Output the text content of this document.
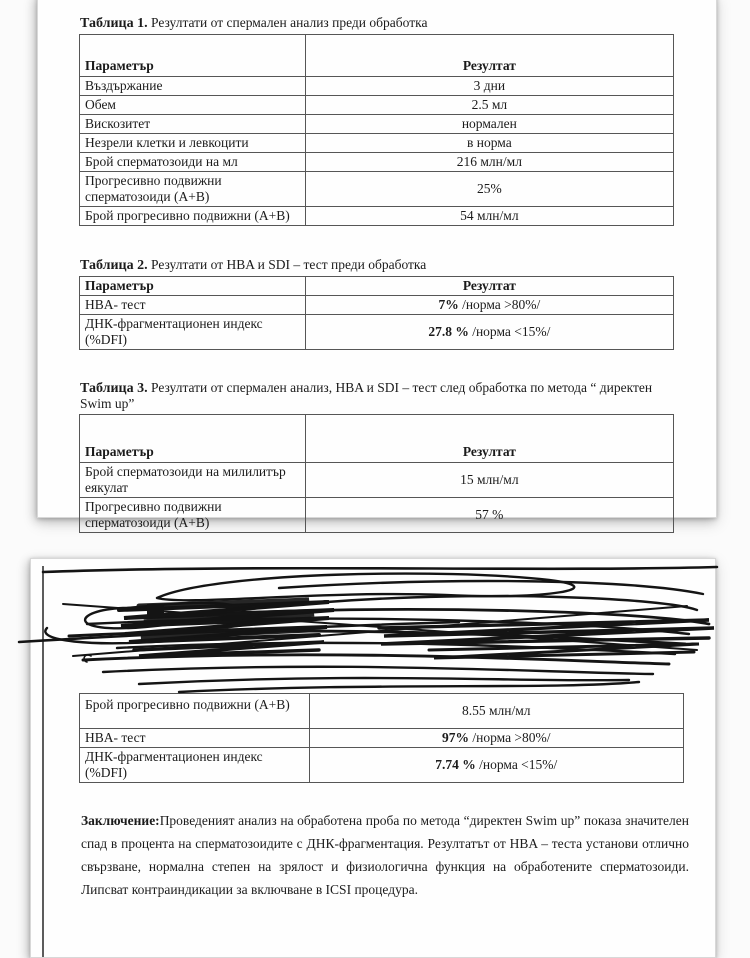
Таблица 1. Резултати от спермален анализ преди обработка

Параметър	Резултат
Въздържание	3 дни
Обем	2.5 мл
Вискозитет	нормален
Незрели клетки и левкоцити	в норма
Брой сперматозоиди на мл	216 млн/мл
Прогресивно подвижни сперматозоиди (A+B)	25%
Брой прогресивно подвижни (A+B)	54 млн/мл

Таблица 2. Резултати от HBA и SDI – тест преди обработка

Параметър	Резултат
HBA- тест	7% /норма >80%/
ДНК-фрагментационен индекс (%DFI)	27.8 % /норма <15%/

Таблица 3. Резултати от спермален анализ, HBA и SDI – тест след обработка по метода “ директен Swim up”

Параметър	Резултат
Брой сперматозоиди на милилитър еякулат	15 млн/мл
Прогресивно подвижни сперматозоиди (A+B)	57 %
Брой прогресивно подвижни (A+B)	8.55 млн/мл
HBA- тест	97% /норма >80%/
ДНК-фрагментационен индекс (%DFI)	7.74 % /норма <15%/

Заключение:Проведеният анализ на обработена проба по метода “директен Swim up” показа значителен спад в процента на сперматозоидите с ДНК-фрагментация. Резултатът от HBA – теста установи отлично свързване, нормална степен на зрялост и физиологична функция на обработените сперматозоиди. Липсват контраиндикации за включване в ICSI процедура.
